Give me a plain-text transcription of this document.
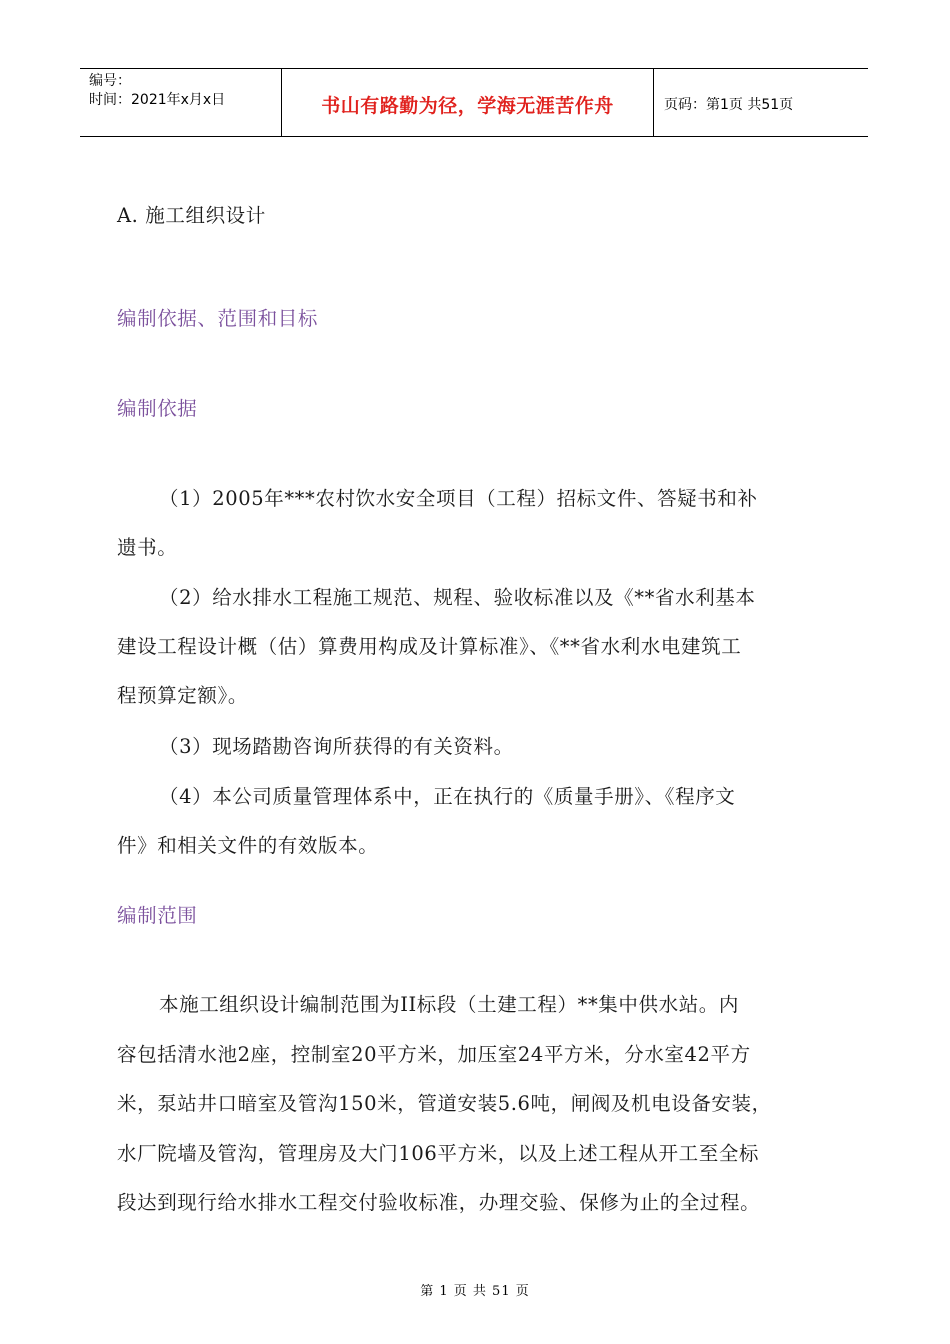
编号：
时间：2021年x月x日	书山有路勤为径，学海无涯苦作舟	页码：第1页 共51页
A. 施工组织设计
编制依据、范围和目标
编制依据
（1）2005年***农村饮水安全项目（工程）招标文件、答疑书和补
遗书。
（2）给水排水工程施工规范、规程、验收标准以及《**省水利基本
建设工程设计概（估）算费用构成及计算标准》、《**省水利水电建筑工
程预算定额》。
（3）现场踏勘咨询所获得的有关资料。
（4）本公司质量管理体系中，正在执行的《质量手册》、《程序文
件》和相关文件的有效版本。
编制范围
本施工组织设计编制范围为II标段（土建工程）**集中供水站。内
容包括清水池2座，控制室20平方米，加压室24平方米，分水室42平方
米，泵站井口暗室及管沟150米，管道安装5.6吨，闸阀及机电设备安装，
水厂院墙及管沟，管理房及大门106平方米，以及上述工程从开工至全标
段达到现行给水排水工程交付验收标准，办理交验、保修为止的全过程。
第 1 页 共 51 页
